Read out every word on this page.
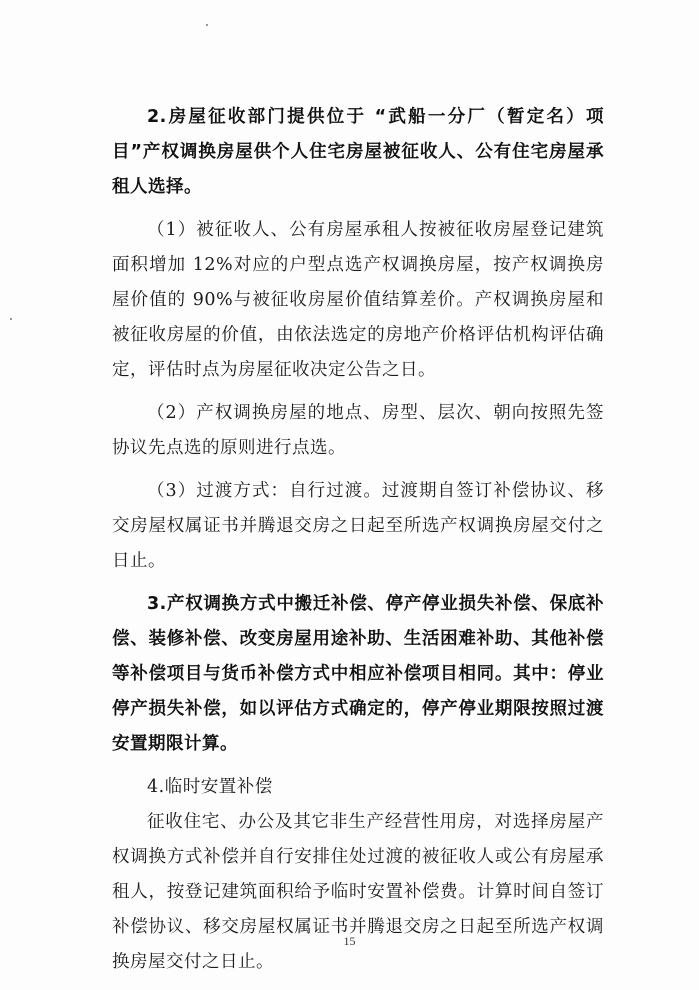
2.房屋征收部门提供位于 “武船一分厂（暂定名）项目”产权调换房屋供个人住宅房屋被征收人、公有住宅房屋承租人选择。

（1）被征收人、公有房屋承租人按被征收房屋登记建筑面积增加 12%对应的户型点选产权调换房屋，按产权调换房屋价值的 90%与被征收房屋价值结算差价。产权调换房屋和被征收房屋的价值，由依法选定的房地产价格评估机构评估确定，评估时点为房屋征收决定公告之日。

（2）产权调换房屋的地点、房型、层次、朝向按照先签协议先点选的原则进行点选。

（3）过渡方式：自行过渡。过渡期自签订补偿协议、移交房屋权属证书并腾退交房之日起至所选产权调换房屋交付之日止。

3.产权调换方式中搬迁补偿、停产停业损失补偿、保底补偿、装修补偿、改变房屋用途补助、生活困难补助、其他补偿等补偿项目与货币补偿方式中相应补偿项目相同。其中：停业停产损失补偿，如以评估方式确定的，停产停业期限按照过渡安置期限计算。

4.临时安置补偿

征收住宅、办公及其它非生产经营性用房，对选择房屋产权调换方式补偿并自行安排住处过渡的被征收人或公有房屋承租人，按登记建筑面积给予临时安置补偿费。计算时间自签订补偿协议、移交房屋权属证书并腾退交房之日起至所选产权调换房屋交付之日止。

15
